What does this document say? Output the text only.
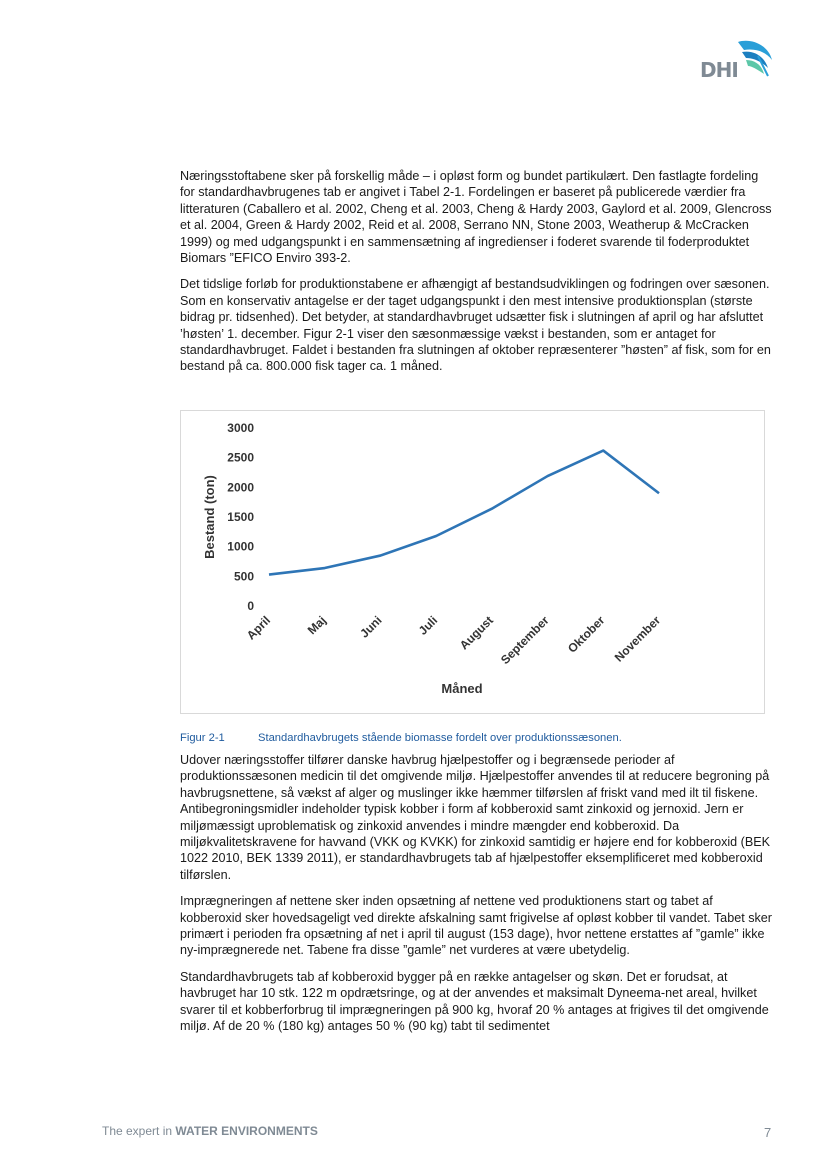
DHI

Næringsstoftabene sker på forskellig måde – i opløst form og bundet partikulært. Den fastlagte fordeling for standardhavbrugenes tab er angivet i Tabel 2-1. Fordelingen er baseret på publicerede værdier fra litteraturen (Caballero et al. 2002, Cheng et al. 2003, Cheng & Hardy 2003, Gaylord et al. 2009, Glencross et al. 2004, Green & Hardy 2002, Reid et al. 2008, Serrano NN, Stone 2003, Weatherup & McCracken 1999) og med udgangspunkt i en sammensætning af ingredienser i foderet svarende til foderproduktet Biomars ”EFICO Enviro 393-2.

Det tidslige forløb for produktionstabene er afhængigt af bestandsudviklingen og fodringen over sæsonen. Som en konservativ antagelse er der taget udgangspunkt i den mest intensive produktionsplan (største bidrag pr. tidsenhed). Det betyder, at standardhavbruget udsætter fisk i slutningen af april og har afsluttet ’høsten’ 1. december. Figur 2-1 viser den sæsonmæssige vækst i bestanden, som er antaget for standardhavbruget. Faldet i bestanden fra slutningen af oktober repræsenterer ”høsten” af fisk, som for en bestand på ca. 800.000 fisk tager ca. 1 måned.

0
500
1000
1500
2000
2500
3000
April	Maj Juni	Juli August September Oktober November
Bestand (ton)
Måned
Figur 2-1	Standardhavbrugets stående biomasse fordelt over produktionssæsonen.

Udover næringsstoffer tilfører danske havbrug hjælpestoffer og i begrænsede perioder af produktionssæsonen medicin til det omgivende miljø. Hjælpestoffer anvendes til at reducere begroning på havbrugsnettene, så vækst af alger og muslinger ikke hæmmer tilførslen af friskt vand med ilt til fiskene. Antibegroningsmidler indeholder typisk kobber i form af kobberoxid samt zinkoxid og jernoxid. Jern er miljømæssigt uproblematisk og zinkoxid anvendes i mindre mængder end kobberoxid. Da miljøkvalitetskravene for havvand (VKK og KVKK) for zinkoxid samtidig er højere end for kobberoxid (BEK 1022 2010, BEK 1339 2011), er standardhavbrugets tab af hjælpestoffer eksemplificeret med kobberoxid tilførslen.

Imprægneringen af nettene sker inden opsætning af nettene ved produktionens start og tabet af kobberoxid sker hovedsageligt ved direkte afskalning samt frigivelse af opløst kobber til vandet. Tabet sker primært i perioden fra opsætning af net i april til august (153 dage), hvor nettene erstattes af ”gamle” ikke ny-imprægnerede net. Tabene fra disse ”gamle” net vurderes at være ubetydelig.

Standardhavbrugets tab af kobberoxid bygger på en række antagelser og skøn. Det er forudsat, at havbruget har 10 stk. 122 m opdrætsringe, og at der anvendes et maksimalt Dyneema-net areal, hvilket svarer til et kobberforbrug til imprægneringen på 900 kg, hvoraf 20 % antages at frigives til det omgivende miljø. Af de 20 % (180 kg) antages 50 % (90 kg) tabt til sedimentet

The expert in WATER ENVIRONMENTS	7
